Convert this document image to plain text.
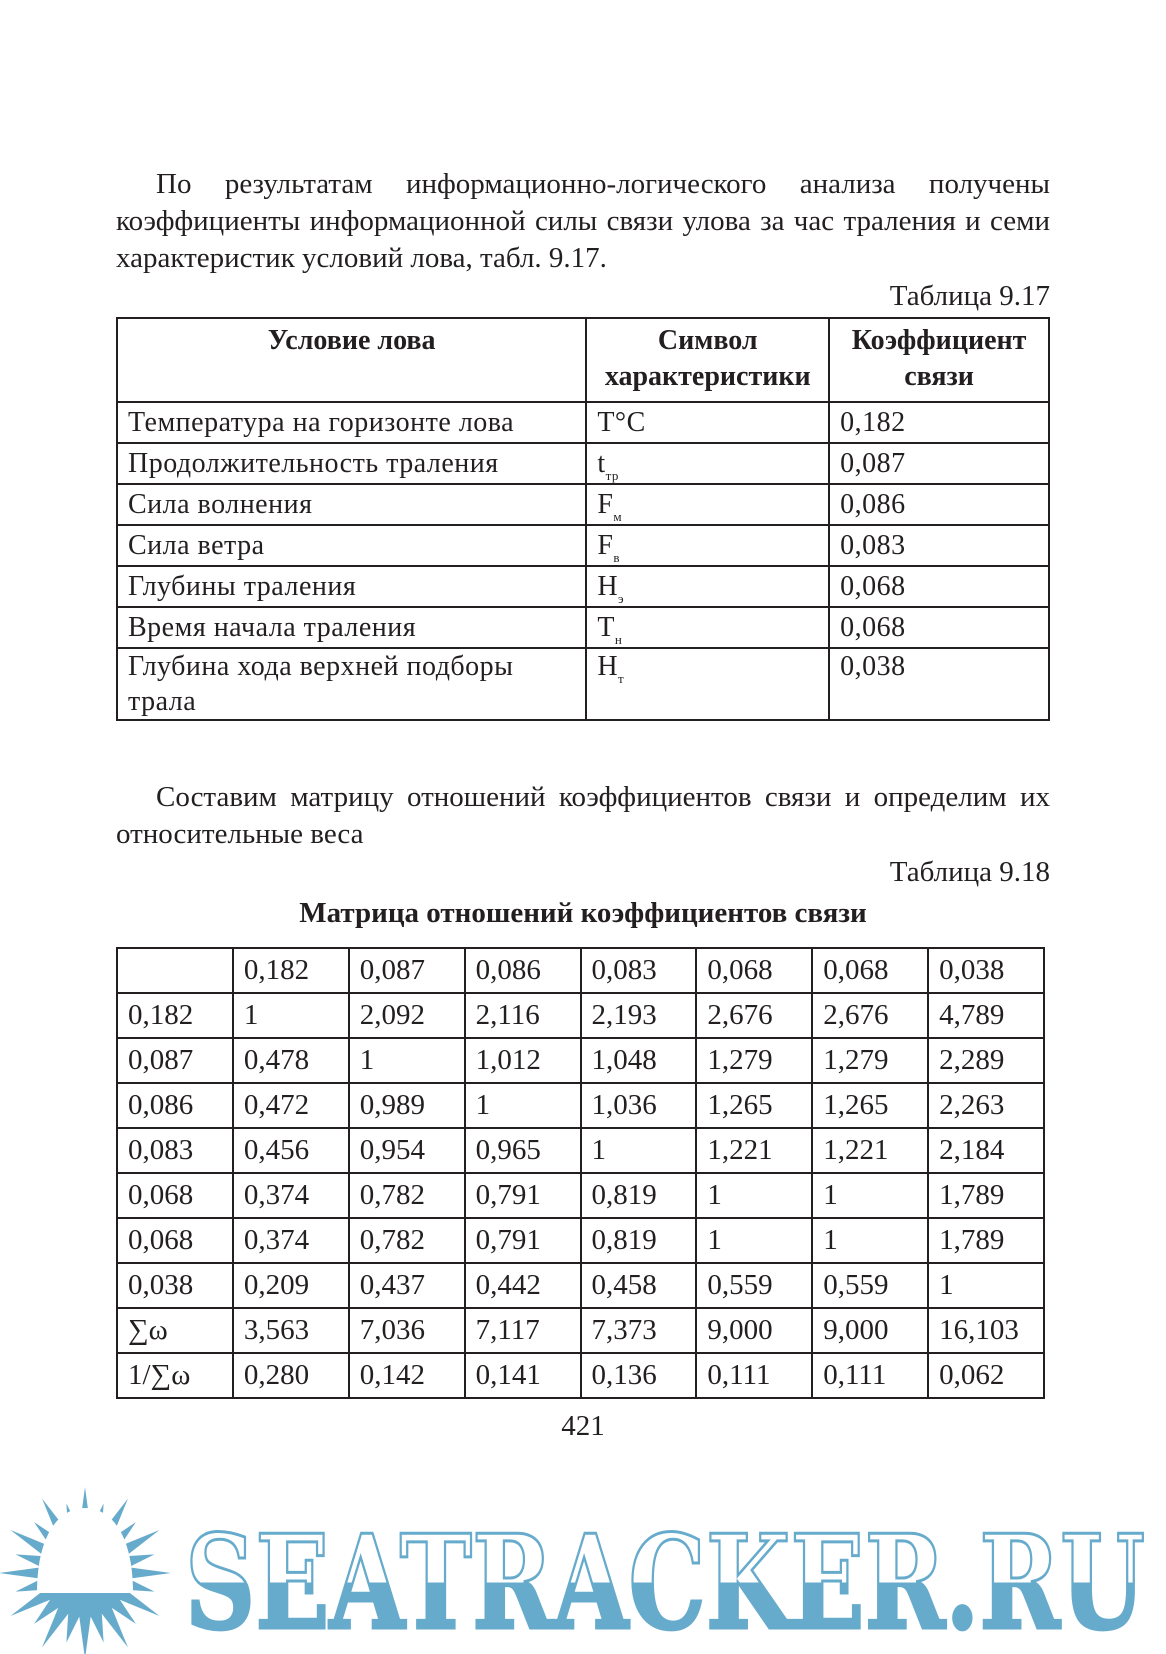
По результатам информационно-логического анализа получены коэффициенты информационной силы связи улова за час траления и семи характеристик условий лова, табл. 9.17.
Таблица 9.17
Условие лова	Символ характеристики	Коэффициент связи
Температура на горизонте лова	T°C	0,182
Продолжительность траления	$t_{тр}$	0,087
Сила волнения	$F_м$	0,086
Сила ветра	$F_в$	0,083
Глубины траления	$H_э$	0,068
Время начала траления	$T_н$	0,068
Глубина хода верхней подборы трала	$H_т$	0,038
Составим матрицу отношений коэффициентов связи и определим их относительные веса
Таблица 9.18
Матрица отношений коэффициентов связи
	0,182	0,087	0,086	0,083	0,068	0,068	0,038
0,182	1	2,092	2,116	2,193	2,676	2,676	4,789
0,087	0,478	1	1,012	1,048	1,279	1,279	2,289
0,086	0,472	0,989	1	1,036	1,265	1,265	2,263
0,083	0,456	0,954	0,965	1	1,221	1,221	2,184
0,068	0,374	0,782	0,791	0,819	1	1	1,789
0,068	0,374	0,782	0,791	0,819	1	1	1,789
0,038	0,209	0,437	0,442	0,458	0,559	0,559	1
∑ω	3,563	7,036	7,117	7,373	9,000	9,000	16,103
1/∑ω	0,280	0,142	0,141	0,136	0,111	0,111	0,062
421
SEATRACKER.RU
